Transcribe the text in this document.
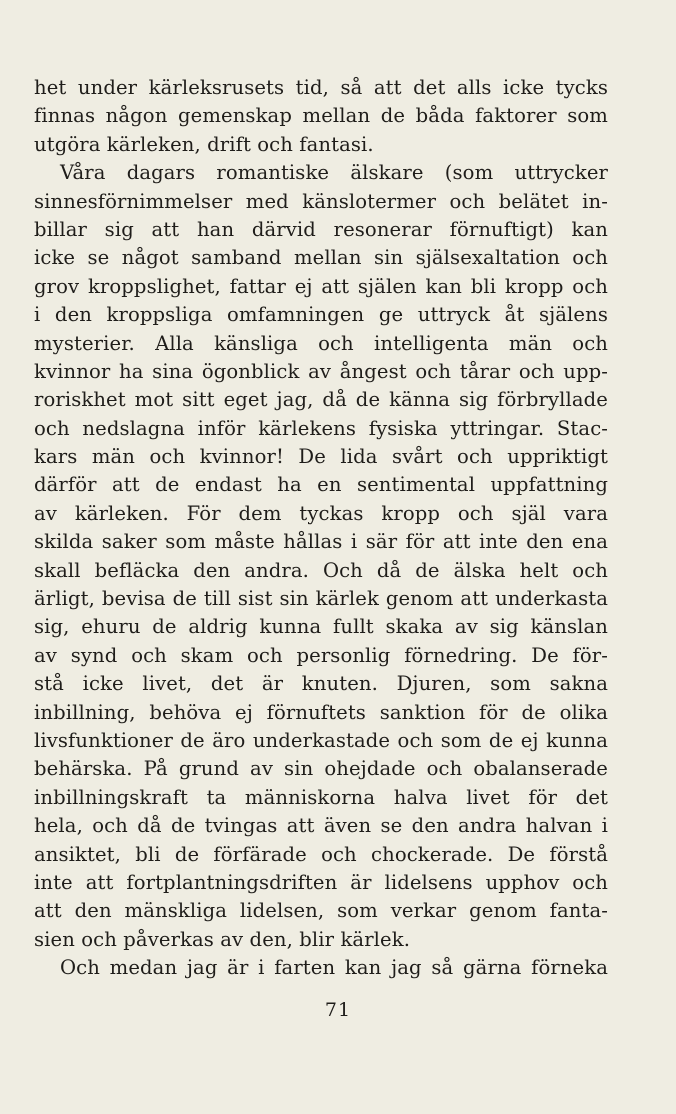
het under kärleksrusets tid, så att det alls icke tycks
finnas någon gemenskap mellan de båda faktorer som
utgöra kärleken, drift och fantasi.
Våra dagars romantiske älskare (som uttrycker
sinnesförnimmelser med känslotermer och belätet in-
billar sig att han därvid resonerar förnuftigt) kan
icke se något samband mellan sin själsexaltation och
grov kroppslighet, fattar ej att själen kan bli kropp och
i den kroppsliga omfamningen ge uttryck åt själens
mysterier. Alla känsliga och intelligenta män och
kvinnor ha sina ögonblick av ångest och tårar och upp-
roriskhet mot sitt eget jag, då de känna sig förbryllade
och nedslagna inför kärlekens fysiska yttringar. Stac-
kars män och kvinnor! De lida svårt och uppriktigt
därför att de endast ha en sentimental uppfattning
av kärleken. För dem tyckas kropp och själ vara
skilda saker som måste hållas i sär för att inte den ena
skall befläcka den andra. Och då de älska helt och
ärligt, bevisa de till sist sin kärlek genom att underkasta
sig, ehuru de aldrig kunna fullt skaka av sig känslan
av synd och skam och personlig förnedring. De för-
stå icke livet, det är knuten. Djuren, som sakna
inbillning, behöva ej förnuftets sanktion för de olika
livsfunktioner de äro underkastade och som de ej kunna
behärska. På grund av sin ohejdade och obalanserade
inbillningskraft ta människorna halva livet för det
hela, och då de tvingas att även se den andra halvan i
ansiktet, bli de förfärade och chockerade. De förstå
inte att fortplantningsdriften är lidelsens upphov och
att den mänskliga lidelsen, som verkar genom fanta-
sien och påverkas av den, blir kärlek.
Och medan jag är i farten kan jag så gärna förneka
71
